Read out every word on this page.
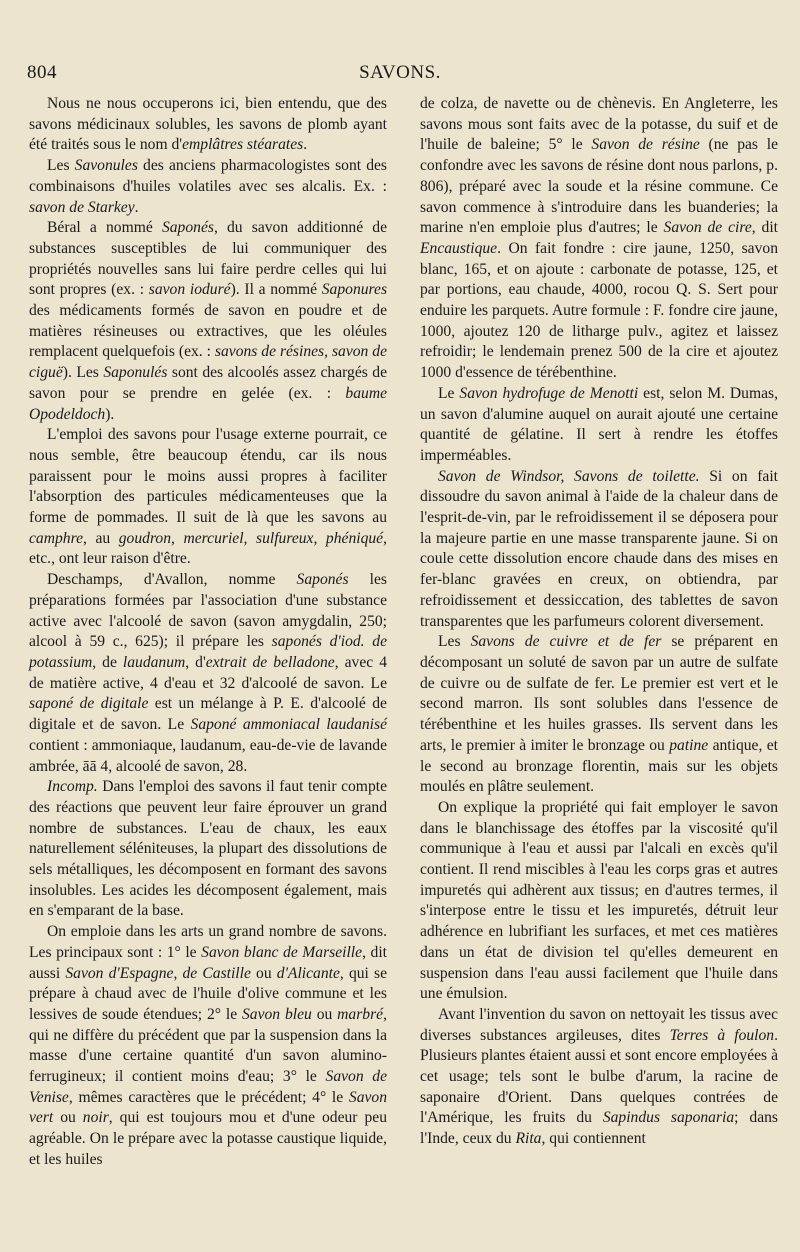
804	SAVONS.

Nous ne nous occuperons ici, bien entendu, que des savons médicinaux solubles, les savons de plomb ayant été traités sous le nom d'emplâtres stéarates.

Les Savonules des anciens pharmacologistes sont des combinaisons d'huiles volatiles avec ses alcalis. Ex. : savon de Starkey.

Béral a nommé Saponés, du savon additionné de substances susceptibles de lui communiquer des propriétés nouvelles sans lui faire perdre celles qui lui sont propres (ex. : savon ioduré). Il a nommé Saponures des médicaments formés de savon en poudre et de matières résineuses ou extractives, que les oléules remplacent quelquefois (ex. : savons de résines, savon de ciguë). Les Saponulés sont des alcoolés assez chargés de savon pour se prendre en gelée (ex. : baume Opodeldoch).

L'emploi des savons pour l'usage externe pourrait, ce nous semble, être beaucoup étendu, car ils nous paraissent pour le moins aussi propres à faciliter l'absorption des particules médicamenteuses que la forme de pommades. Il suit de là que les savons au camphre, au goudron, mercuriel, sulfureux, phéniqué, etc., ont leur raison d'être.

Deschamps, d'Avallon, nomme Saponés les préparations formées par l'association d'une substance active avec l'alcoolé de savon (savon amygdalin, 250; alcool à 59 c., 625); il prépare les saponés d'iod. de potassium, de laudanum, d'extrait de belladone, avec 4 de matière active, 4 d'eau et 32 d'alcoolé de savon. Le saponé de digitale est un mélange à P. E. d'alcoolé de digitale et de savon. Le Saponé ammoniacal laudanisé contient : ammoniaque, laudanum, eau-de-vie de lavande ambrée, āā 4, alcoolé de savon, 28.

Incomp. Dans l'emploi des savons il faut tenir compte des réactions que peuvent leur faire éprouver un grand nombre de substances. L'eau de chaux, les eaux naturellement séléniteuses, la plupart des dissolutions de sels métalliques, les décomposent en formant des savons insolubles. Les acides les décomposent également, mais en s'emparant de la base.

On emploie dans les arts un grand nombre de savons. Les principaux sont : 1° le Savon blanc de Marseille, dit aussi Savon d'Espagne, de Castille ou d'Alicante, qui se prépare à chaud avec de l'huile d'olive commune et les lessives de soude étendues; 2° le Savon bleu ou marbré, qui ne diffère du précédent que par la suspension dans la masse d'une certaine quantité d'un savon alumino-ferrugineux; il contient moins d'eau; 3° le Savon de Venise, mêmes caractères que le précédent; 4° le Savon vert ou noir, qui est toujours mou et d'une odeur peu agréable. On le prépare avec la potasse caustique liquide, et les huiles

de colza, de navette ou de chènevis. En Angleterre, les savons mous sont faits avec de la potasse, du suif et de l'huile de baleine; 5° le Savon de résine (ne pas le confondre avec les savons de résine dont nous parlons, p. 806), préparé avec la soude et la résine commune. Ce savon commence à s'introduire dans les buanderies; la marine n'en emploie plus d'autres; le Savon de cire, dit Encaustique. On fait fondre : cire jaune, 1250, savon blanc, 165, et on ajoute : carbonate de potasse, 125, et par portions, eau chaude, 4000, rocou Q. S. Sert pour enduire les parquets. Autre formule : F. fondre cire jaune, 1000, ajoutez 120 de litharge pulv., agitez et laissez refroidir; le lendemain prenez 500 de la cire et ajoutez 1000 d'essence de térébenthine.

Le Savon hydrofuge de Menotti est, selon M. Dumas, un savon d'alumine auquel on aurait ajouté une certaine quantité de gélatine. Il sert à rendre les étoffes imperméables.

Savon de Windsor, Savons de toilette. Si on fait dissoudre du savon animal à l'aide de la chaleur dans de l'esprit-de-vin, par le refroidissement il se déposera pour la majeure partie en une masse transparente jaune. Si on coule cette dissolution encore chaude dans des mises en fer-blanc gravées en creux, on obtiendra, par refroidissement et dessiccation, des tablettes de savon transparentes que les parfumeurs colorent diversement.

Les Savons de cuivre et de fer se préparent en décomposant un soluté de savon par un autre de sulfate de cuivre ou de sulfate de fer. Le premier est vert et le second marron. Ils sont solubles dans l'essence de térébenthine et les huiles grasses. Ils servent dans les arts, le premier à imiter le bronzage ou patine antique, et le second au bronzage florentin, mais sur les objets moulés en plâtre seulement.

On explique la propriété qui fait employer le savon dans le blanchissage des étoffes par la viscosité qu'il communique à l'eau et aussi par l'alcali en excès qu'il contient. Il rend miscibles à l'eau les corps gras et autres impuretés qui adhèrent aux tissus; en d'autres termes, il s'interpose entre le tissu et les impuretés, détruit leur adhérence en lubrifiant les surfaces, et met ces matières dans un état de division tel qu'elles demeurent en suspension dans l'eau aussi facilement que l'huile dans une émulsion.

Avant l'invention du savon on nettoyait les tissus avec diverses substances argileuses, dites Terres à foulon. Plusieurs plantes étaient aussi et sont encore employées à cet usage; tels sont le bulbe d'arum, la racine de saponaire d'Orient. Dans quelques contrées de l'Amérique, les fruits du Sapindus saponaria; dans l'Inde, ceux du Rita, qui contiennent
